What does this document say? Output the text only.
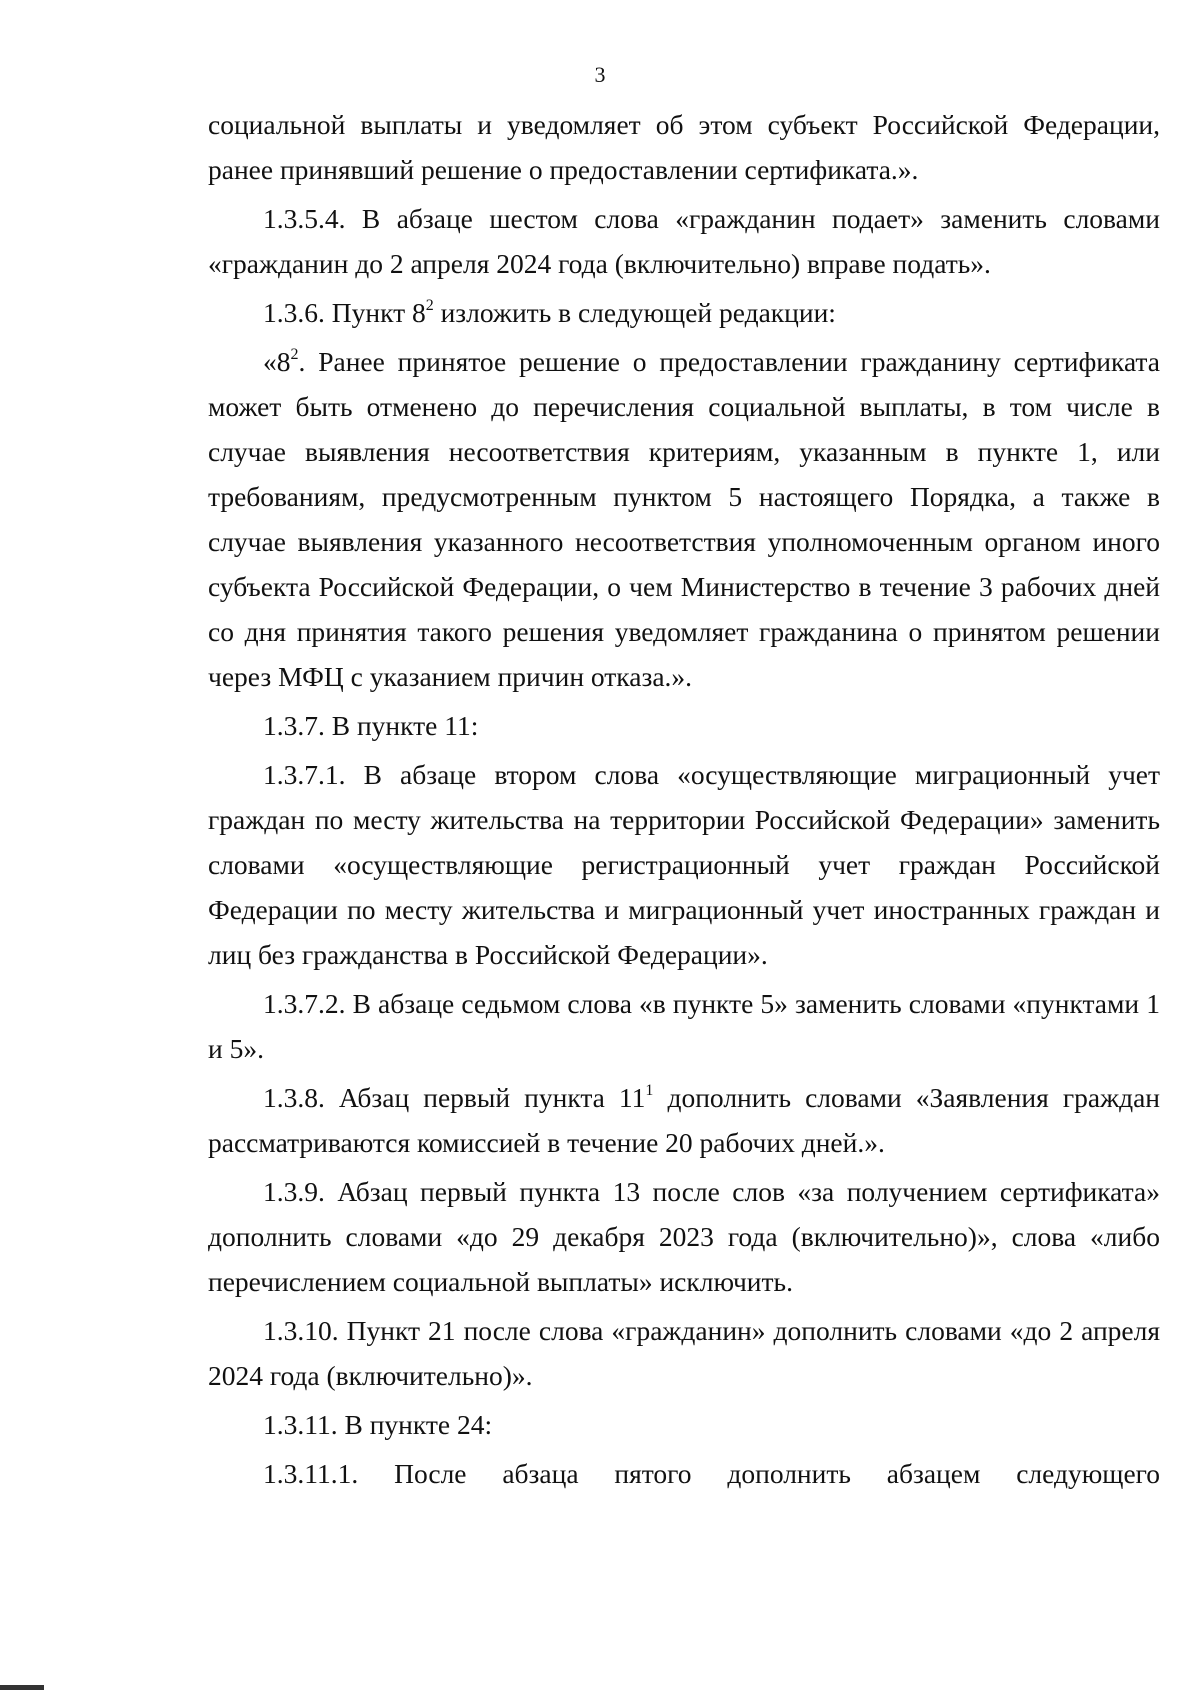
3

социальной выплаты и уведомляет об этом субъект Российской Федерации, ранее принявший решение о предоставлении сертификата.».

1.3.5.4. В абзаце шестом слова «гражданин подает» заменить словами «гражданин до 2 апреля 2024 года (включительно) вправе подать».

1.3.6. Пункт $8^2$ изложить в следующей редакции:

«$8^2$. Ранее принятое решение о предоставлении гражданину сертификата может быть отменено до перечисления социальной выплаты, в том числе в случае выявления несоответствия критериям, указанным в пункте 1, или требованиям, предусмотренным пунктом 5 настоящего Порядка, а также в случае выявления указанного несоответствия уполномоченным органом иного субъекта Российской Федерации, о чем Министерство в течение 3 рабочих дней со дня принятия такого решения уведомляет гражданина о принятом решении через МФЦ с указанием причин отказа.».

1.3.7. В пункте 11:

1.3.7.1. В абзаце втором слова «осуществляющие миграционный учет граждан по месту жительства на территории Российской Федерации» заменить словами «осуществляющие регистрационный учет граждан Российской Федерации по месту жительства и миграционный учет иностранных граждан и лиц без гражданства в Российской Федерации».

1.3.7.2. В абзаце седьмом слова «в пункте 5» заменить словами «пунктами 1 и 5».

1.3.8. Абзац первый пункта $11^1$ дополнить словами «Заявления граждан рассматриваются комиссией в течение 20 рабочих дней.».

1.3.9. Абзац первый пункта 13 после слов «за получением сертификата» дополнить словами «до 29 декабря 2023 года (включительно)», слова «либо перечислением социальной выплаты» исключить.

1.3.10. Пункт 21 после слова «гражданин» дополнить словами «до 2 апреля 2024 года (включительно)».

1.3.11. В пункте 24:

1.3.11.1. После абзаца пятого дополнить абзацем следующего
